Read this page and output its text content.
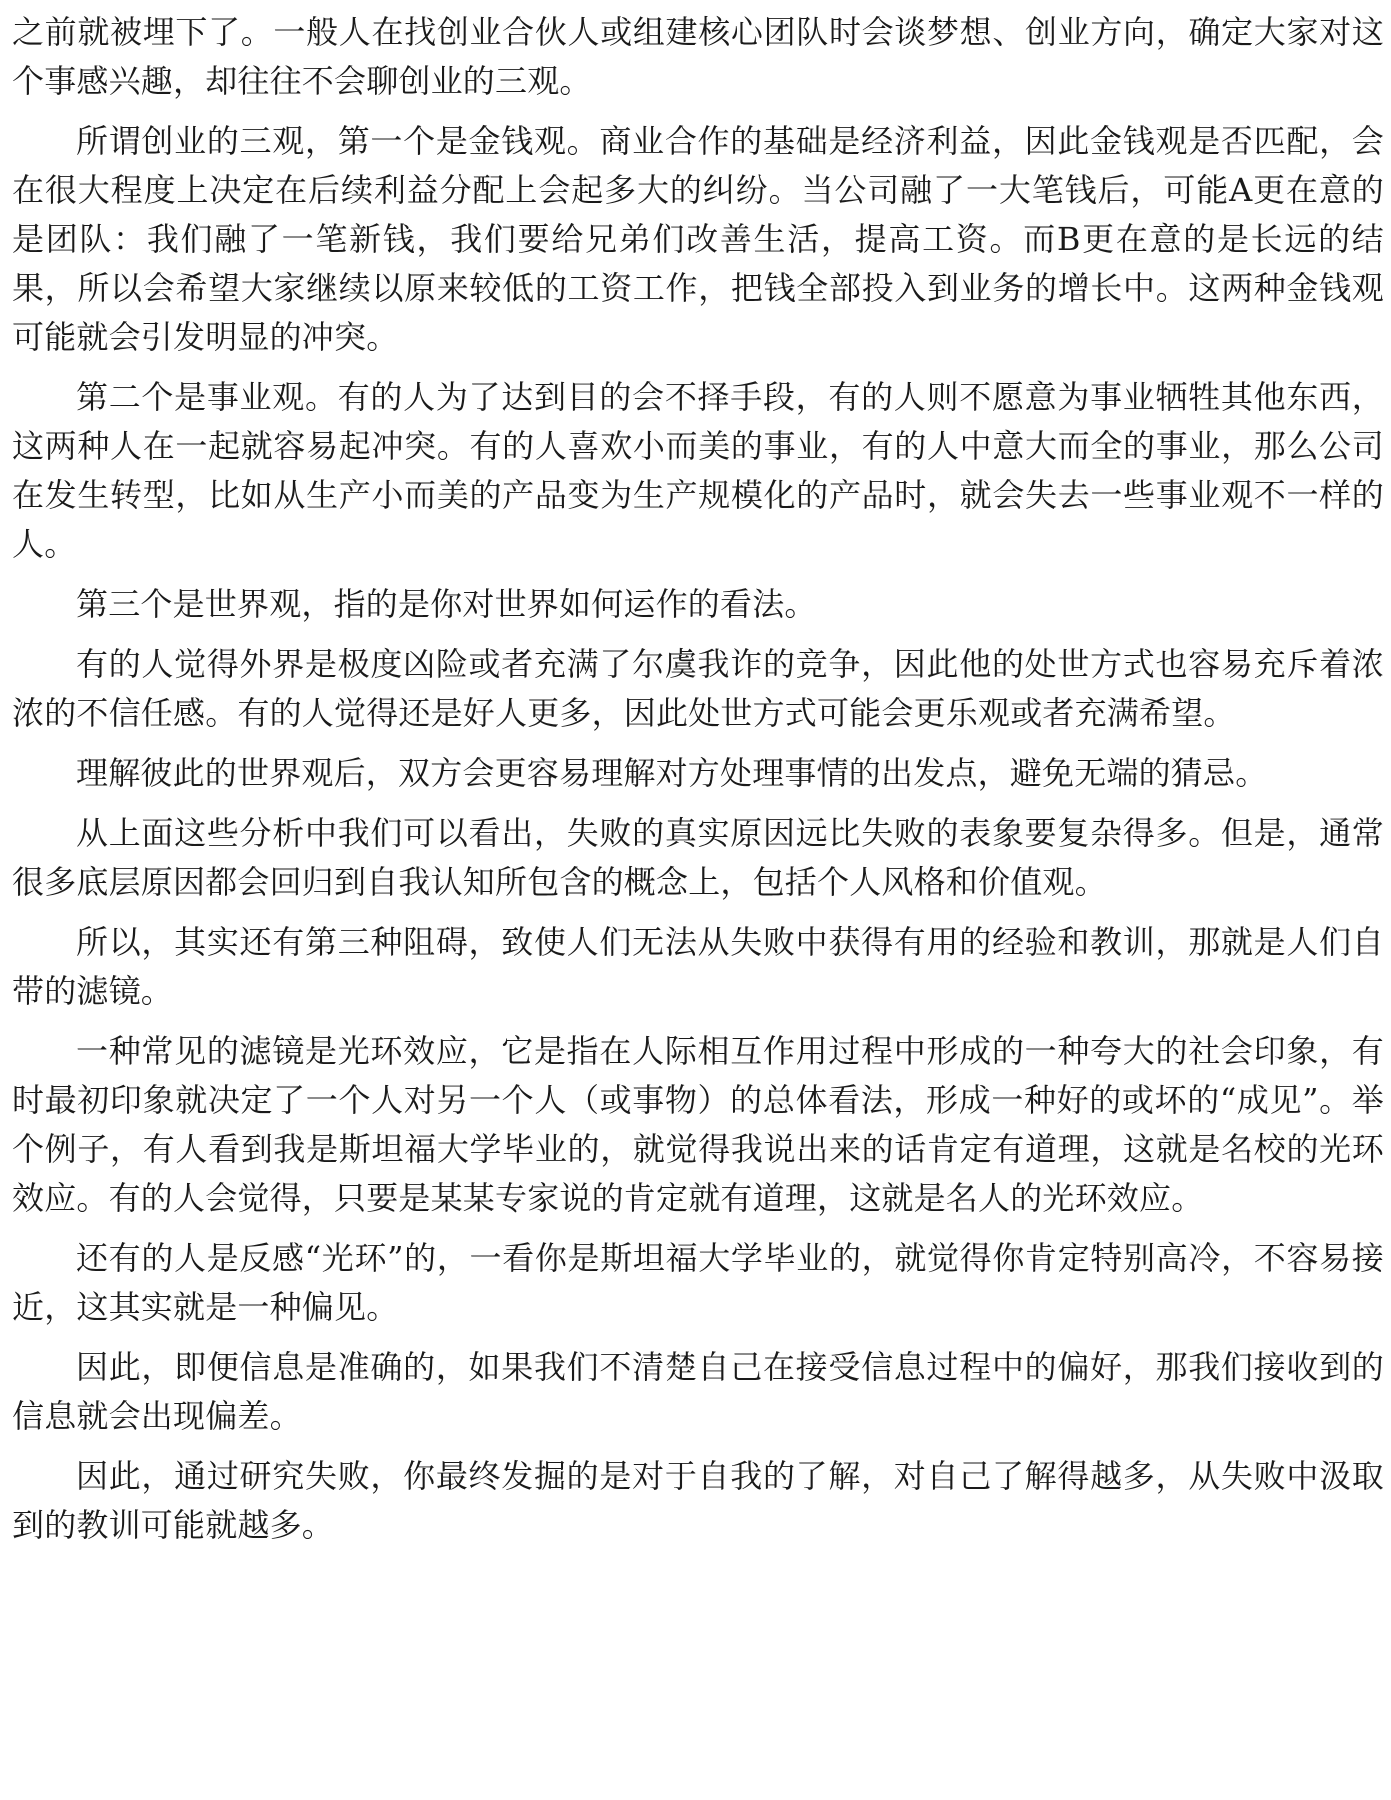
之前就被埋下了。一般人在找创业合伙人或组建核心团队时会谈梦想、创业方向，确定大家对这个事感兴趣，却往往不会聊创业的三观。

所谓创业的三观，第一个是金钱观。商业合作的基础是经济利益，因此金钱观是否匹配，会在很大程度上决定在后续利益分配上会起多大的纠纷。当公司融了一大笔钱后，可能A更在意的是团队：我们融了一笔新钱，我们要给兄弟们改善生活，提高工资。而B更在意的是长远的结果，所以会希望大家继续以原来较低的工资工作，把钱全部投入到业务的增长中。这两种金钱观可能就会引发明显的冲突。

第二个是事业观。有的人为了达到目的会不择手段，有的人则不愿意为事业牺牲其他东西，这两种人在一起就容易起冲突。有的人喜欢小而美的事业，有的人中意大而全的事业，那么公司在发生转型，比如从生产小而美的产品变为生产规模化的产品时，就会失去一些事业观不一样的人。

第三个是世界观，指的是你对世界如何运作的看法。

有的人觉得外界是极度凶险或者充满了尔虞我诈的竞争，因此他的处世方式也容易充斥着浓浓的不信任感。有的人觉得还是好人更多，因此处世方式可能会更乐观或者充满希望。

理解彼此的世界观后，双方会更容易理解对方处理事情的出发点，避免无端的猜忌。

从上面这些分析中我们可以看出，失败的真实原因远比失败的表象要复杂得多。但是，通常很多底层原因都会回归到自我认知所包含的概念上，包括个人风格和价值观。

所以，其实还有第三种阻碍，致使人们无法从失败中获得有用的经验和教训，那就是人们自带的滤镜。

一种常见的滤镜是光环效应，它是指在人际相互作用过程中形成的一种夸大的社会印象，有时最初印象就决定了一个人对另一个人（或事物）的总体看法，形成一种好的或坏的“成见”。举个例子，有人看到我是斯坦福大学毕业的，就觉得我说出来的话肯定有道理，这就是名校的光环效应。有的人会觉得，只要是某某专家说的肯定就有道理，这就是名人的光环效应。

还有的人是反感“光环”的，一看你是斯坦福大学毕业的，就觉得你肯定特别高冷，不容易接近，这其实就是一种偏见。

因此，即便信息是准确的，如果我们不清楚自己在接受信息过程中的偏好，那我们接收到的信息就会出现偏差。

因此，通过研究失败，你最终发掘的是对于自我的了解，对自己了解得越多，从失败中汲取到的教训可能就越多。
